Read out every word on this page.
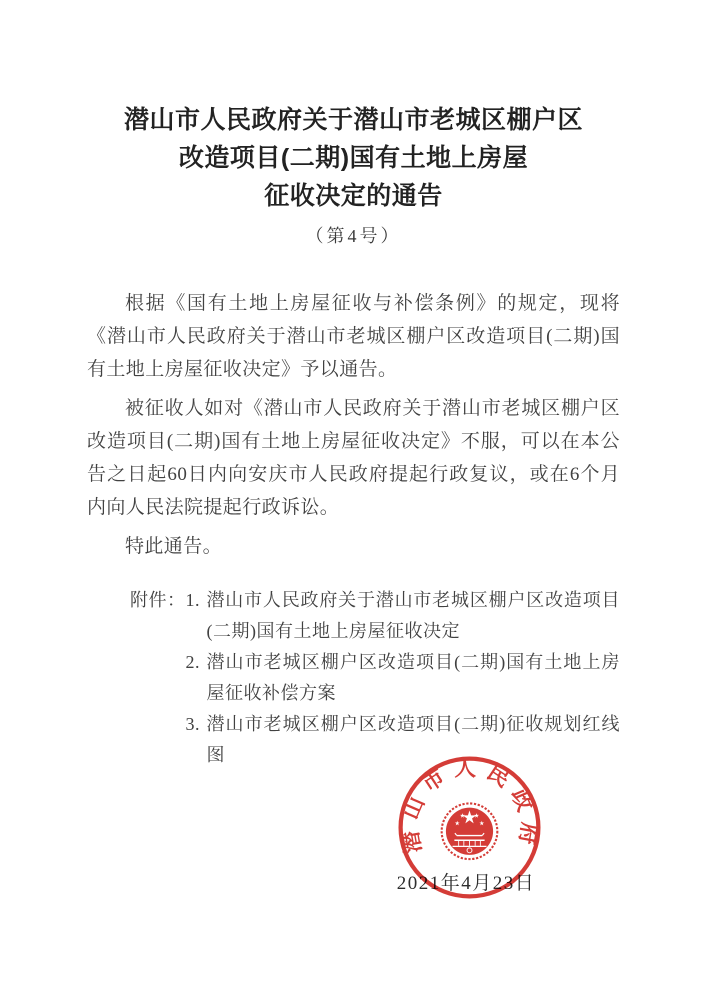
潜山市人民政府关于潜山市老城区棚户区
改造项目(二期)国有土地上房屋
征收决定的通告
（第4号）

根据《国有土地上房屋征收与补偿条例》的规定，现将《潜山市人民政府关于潜山市老城区棚户区改造项目(二期)国有土地上房屋征收决定》予以通告。

被征收人如对《潜山市人民政府关于潜山市老城区棚户区改造项目(二期)国有土地上房屋征收决定》不服，可以在本公告之日起60日内向安庆市人民政府提起行政复议，或在6个月内向人民法院提起行政诉讼。

特此通告。

附件： 1. 潜山市人民政府关于潜山市老城区棚户区改造项目(二期)国有土地上房屋征收决定
2. 潜山市老城区棚户区改造项目(二期)国有土地上房屋征收补偿方案
3. 潜山市老城区棚户区改造项目(二期)征收规划红线图
2021年4月23日
潜山市人民政府
